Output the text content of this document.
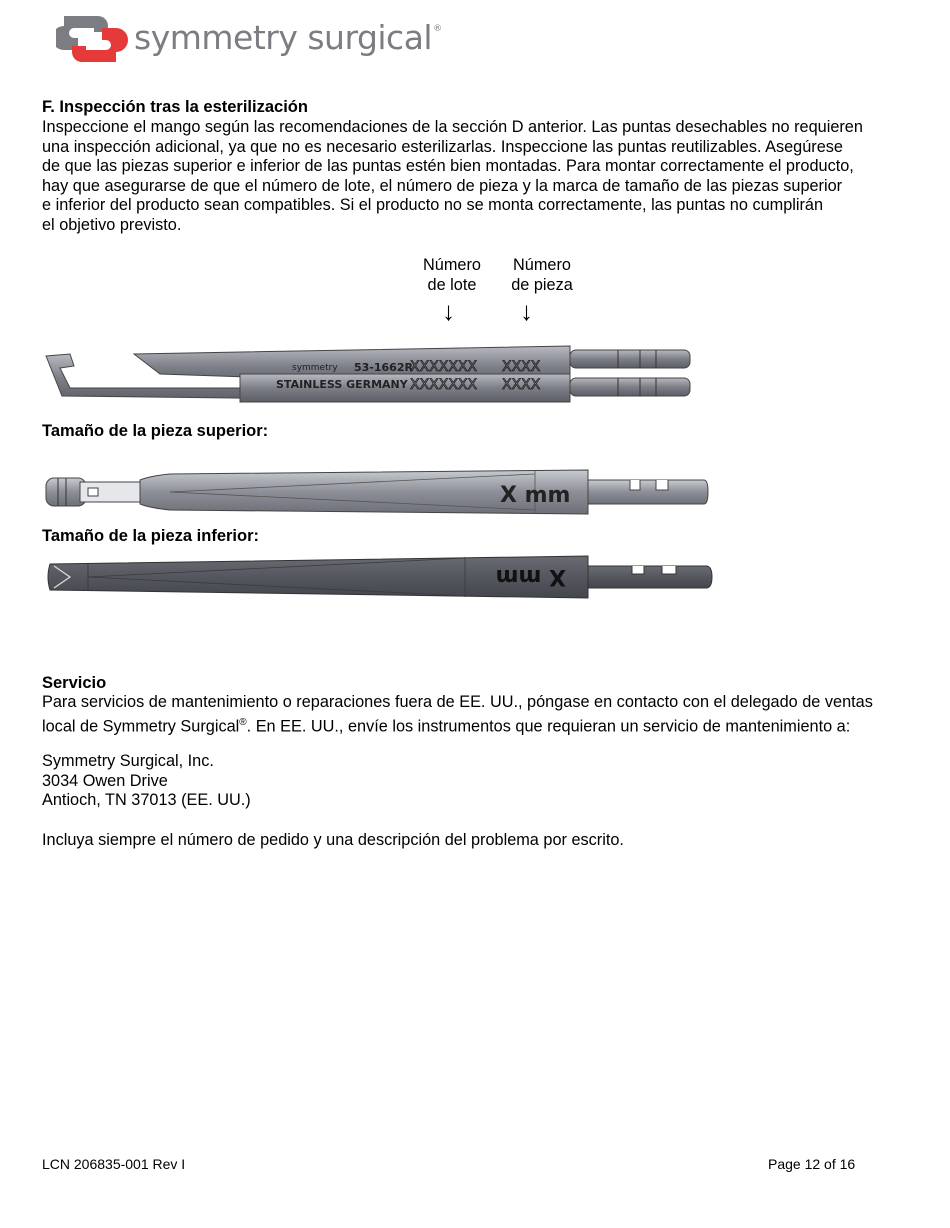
symmetry surgical®
F. Inspección tras la esterilización
Inspeccione el mango según las recomendaciones de la sección D anterior. Las puntas desechables no requieren
una inspección adicional, ya que no es necesario esterilizarlas. Inspeccione las puntas reutilizables. Asegúrese
de que las piezas superior e inferior de las puntas estén bien montadas. Para montar correctamente el producto,
hay que asegurarse de que el número de lote, el número de pieza y la marca de tamaño de las piezas superior
e inferior del producto sean compatibles. Si el producto no se monta correctamente, las puntas no cumplirán
el objetivo previsto.
Número
de lote
↓
Número
de pieza
↓
symmetry 53-1662R
XXXXXXX XXXX
STAINLESS GERMANY XXXXXXX XXXX
Tamaño de la pieza superior:
X mm
Tamaño de la pieza inferior:
X mm
Servicio
Para servicios de mantenimiento o reparaciones fuera de EE. UU., póngase en contacto con el delegado de ventas
local de Symmetry Surgical®. En EE. UU., envíe los instrumentos que requieran un servicio de mantenimiento a:
Symmetry Surgical, Inc.
3034 Owen Drive
Antioch, TN 37013 (EE. UU.)
Incluya siempre el número de pedido y una descripción del problema por escrito.
LCN 206835-001 Rev I	Page 12 of 16
